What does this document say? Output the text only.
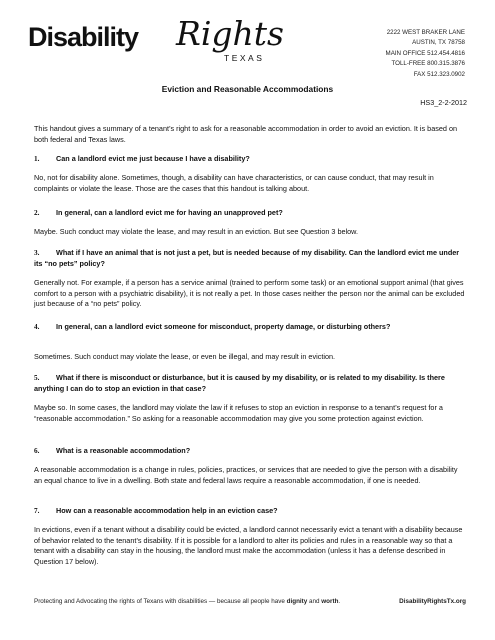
Disability Rights
TEXAS
2222 WEST BRAKER LANE
AUSTIN, TX 78758
MAIN OFFICE 512.454.4816
TOLL-FREE 800.315.3876
FAX 512.323.0902
Eviction and Reasonable Accommodations
HS3_2-2-2012
This handout gives a summary of a tenant’s right to ask for a reasonable accommodation in order to avoid an eviction. It is based on both federal and Texas laws.
1. Can a landlord evict me just because I have a disability?
No, not for disability alone. Sometimes, though, a disability can have characteristics, or can cause conduct, that may result in complaints or violate the lease. Those are the cases that this handout is talking about.
2. In general, can a landlord evict me for having an unapproved pet?
Maybe. Such conduct may violate the lease, and may result in an eviction. But see Question 3 below.
3. What if I have an animal that is not just a pet, but is needed because of my disability. Can the landlord evict me under its “no pets” policy?
Generally not. For example, if a person has a service animal (trained to perform some task) or an emotional support animal (that gives comfort to a person with a psychiatric disability), it is not really a pet. In those cases neither the person nor the animal can be excluded just because of a “no pets” policy.
4. In general, can a landlord evict someone for misconduct, property damage, or disturbing others?
Sometimes. Such conduct may violate the lease, or even be illegal, and may result in eviction.
5. What if there is misconduct or disturbance, but it is caused by my disability, or is related to my disability. Is there anything I can do to stop an eviction in that case?
Maybe so. In some cases, the landlord may violate the law if it refuses to stop an eviction in response to a tenant’s request for a “reasonable accommodation.” So asking for a reasonable accommodation may give you some protection against eviction.
6. What is a reasonable accommodation?
A reasonable accommodation is a change in rules, policies, practices, or services that are needed to give the person with a disability an equal chance to live in a dwelling. Both state and federal laws require a reasonable accommodation, if one is needed.
7. How can a reasonable accommodation help in an eviction case?
In evictions, even if a tenant without a disability could be evicted, a landlord cannot necessarily evict a tenant with a disability because of behavior related to the tenant’s disability. If it is possible for a landlord to alter its policies and rules in a reasonable way so that a tenant with a disability can stay in the housing, the landlord must make the accommodation (unless it has a defense described in Question 17 below).
Protecting and Advocating the rights of Texans with disabilities — because all people have dignity and worth.	DisabilityRightsTx.org
